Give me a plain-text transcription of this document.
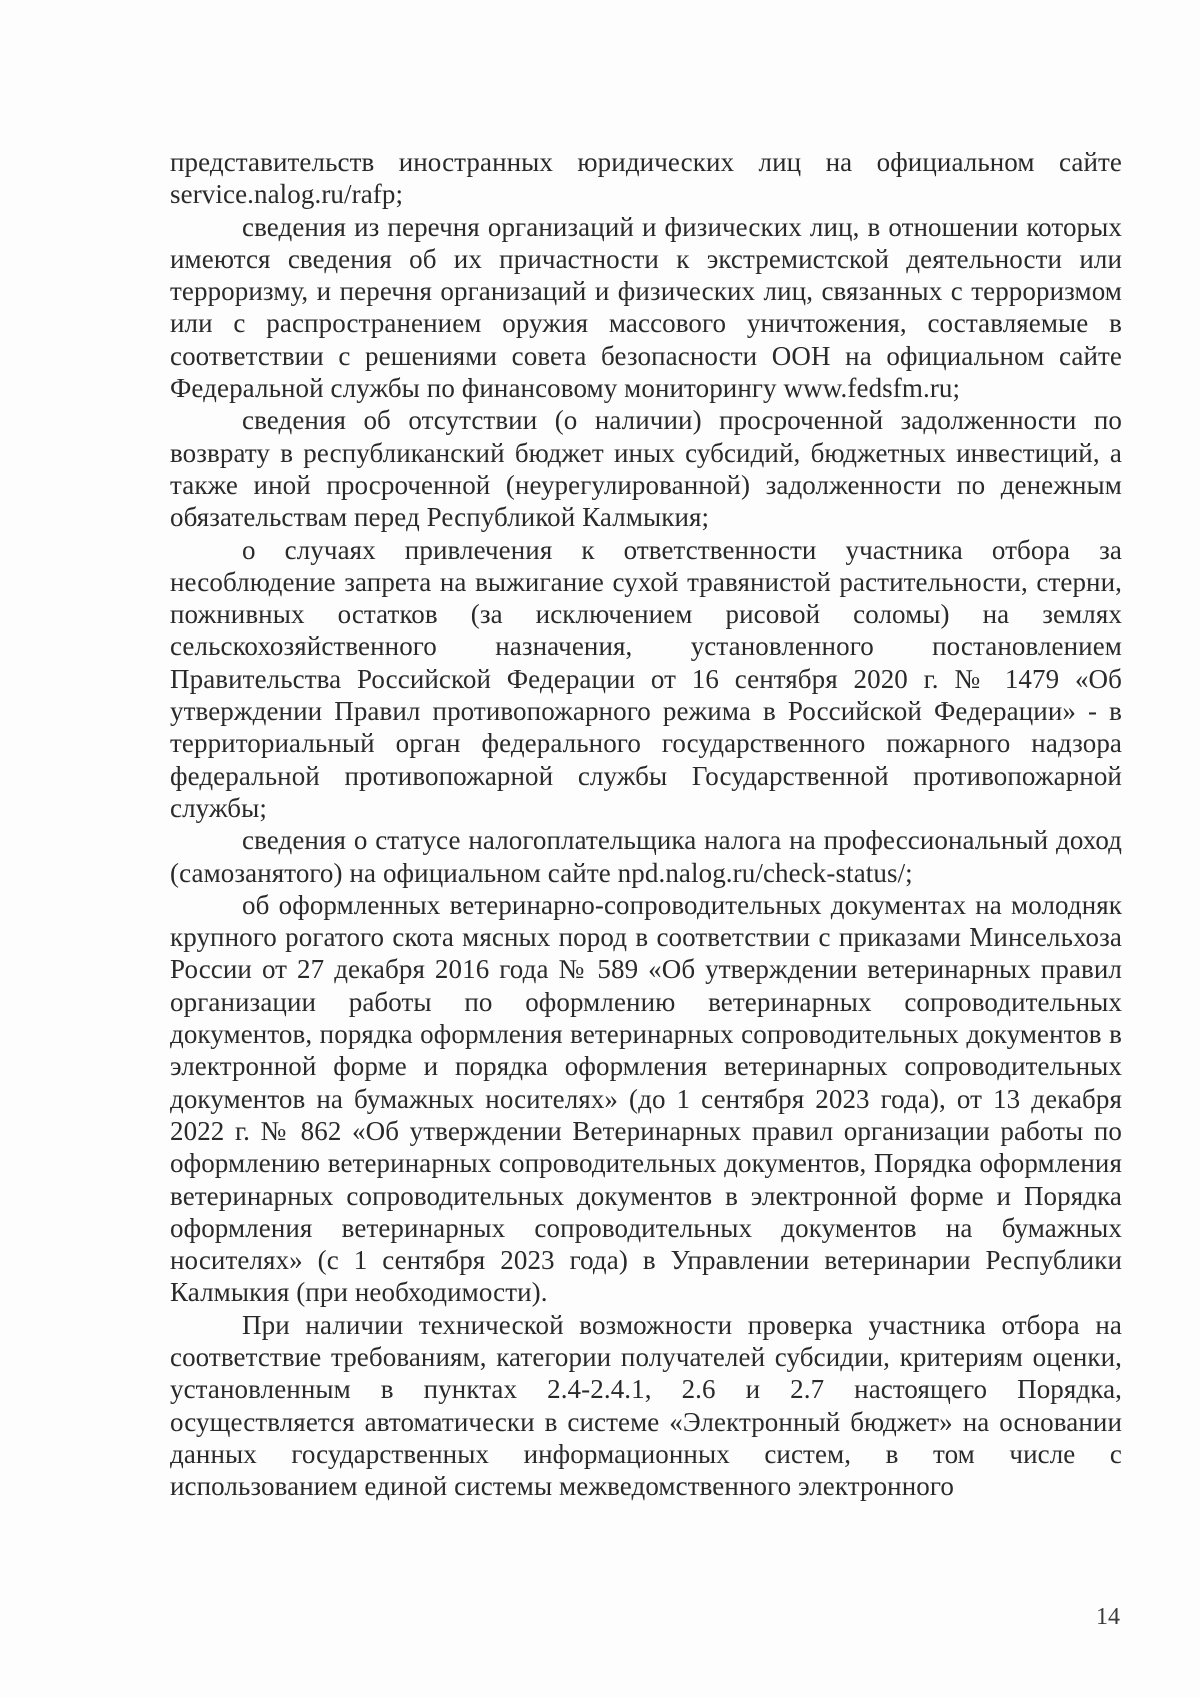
представительств иностранных юридических лиц на официальном сайте service.nalog.ru/rafp;

сведения из перечня организаций и физических лиц, в отношении которых имеются сведения об их причастности к экстремистской деятельности или терроризму, и перечня организаций и физических лиц, связанных с терроризмом или с распространением оружия массового уничтожения, составляемые в соответствии с решениями совета безопасности ООН на официальном сайте Федеральной службы по финансовому мониторингу www.fedsfm.ru;

сведения об отсутствии (о наличии) просроченной задолженности по возврату в республиканский бюджет иных субсидий, бюджетных инвестиций, а также иной просроченной (неурегулированной) задолженности по денежным обязательствам перед Республикой Калмыкия;

о случаях привлечения к ответственности участника отбора за несоблюдение запрета на выжигание сухой травянистой растительности, стерни, пожнивных остатков (за исключением рисовой соломы) на землях сельскохозяйственного назначения, установленного постановлением Правительства Российской Федерации от 16 сентября 2020 г. № 1479 «Об утверждении Правил противопожарного режима в Российской Федерации» - в территориальный орган федерального государственного пожарного надзора федеральной противопожарной службы Государственной противопожарной службы;

сведения о статусе налогоплательщика налога на профессиональный доход (самозанятого) на официальном сайте npd.nalog.ru/check-status/;

об оформленных ветеринарно-сопроводительных документах на молодняк крупного рогатого скота мясных пород в соответствии с приказами Минсельхоза России от 27 декабря 2016 года № 589 «Об утверждении ветеринарных правил организации работы по оформлению ветеринарных сопроводительных документов, порядка оформления ветеринарных сопроводительных документов в электронной форме и порядка оформления ветеринарных сопроводительных документов на бумажных носителях» (до 1 сентября 2023 года), от 13 декабря 2022 г. № 862 «Об утверждении Ветеринарных правил организации работы по оформлению ветеринарных сопроводительных документов, Порядка оформления ветеринарных сопроводительных документов в электронной форме и Порядка оформления ветеринарных сопроводительных документов на бумажных носителях» (с 1 сентября 2023 года) в Управлении ветеринарии Республики Калмыкия (при необходимости).

При наличии технической возможности проверка участника отбора на соответствие требованиям, категории получателей субсидии, критериям оценки, установленным в пунктах 2.4-2.4.1, 2.6 и 2.7 настоящего Порядка, осуществляется автоматически в системе «Электронный бюджет» на основании данных государственных информационных систем, в том числе с использованием единой системы межведомственного электронного

14
